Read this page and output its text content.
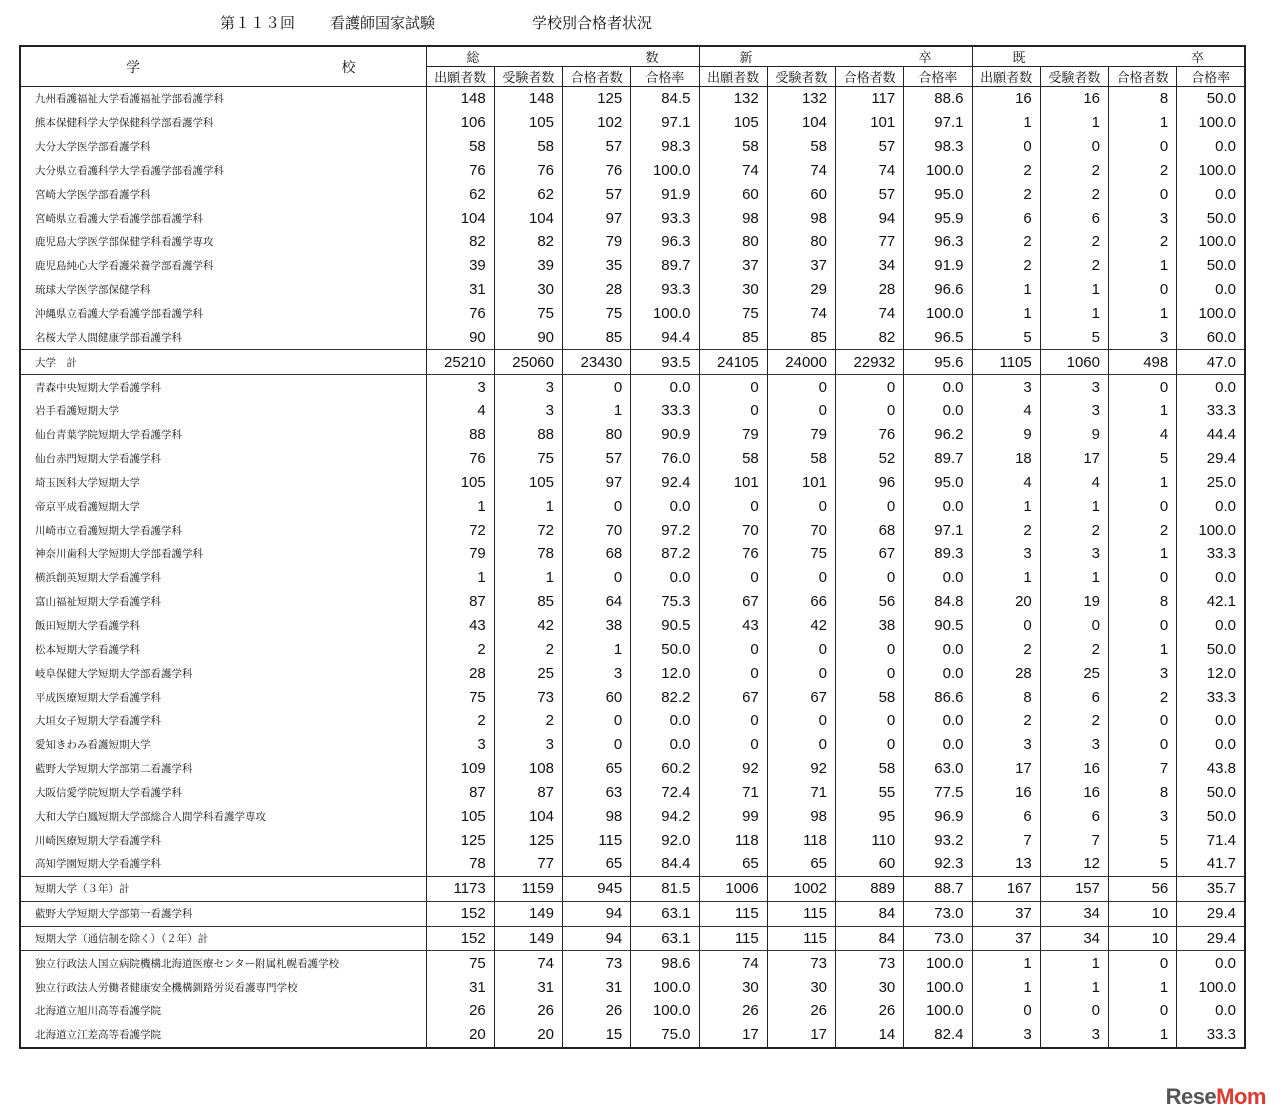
第１１３回 看護師国家試験	学校別合格者状況
学 校	総 数				新 卒				既 卒			

	出願者数	受験者数	合格者数	合格率	出願者数	受験者数	合格者数	合格率	出願者数	受験者数	合格者数	合格率
九州看護福祉大学看護福祉学部看護学科	148	148	125	84.5	132	132	117	88.6	16	16	8	50.0
熊本保健科学大学保健科学部看護学科	106	105	102	97.1	105	104	101	97.1	1	1	1	100.0
大分大学医学部看護学科	58	58	57	98.3	58	58	57	98.3	0	0	0	0.0
大分県立看護科学大学看護学部看護学科	76	76	76	100.0	74	74	74	100.0	2	2	2	100.0
宮崎大学医学部看護学科	62	62	57	91.9	60	60	57	95.0	2	2	0	0.0
宮崎県立看護大学看護学部看護学科	104	104	97	93.3	98	98	94	95.9	6	6	3	50.0
鹿児島大学医学部保健学科看護学専攻	82	82	79	96.3	80	80	77	96.3	2	2	2	100.0
鹿児島純心大学看護栄養学部看護学科	39	39	35	89.7	37	37	34	91.9	2	2	1	50.0
琉球大学医学部保健学科	31	30	28	93.3	30	29	28	96.6	1	1	0	0.0
沖縄県立看護大学看護学部看護学科	76	75	75	100.0	75	74	74	100.0	1	1	1	100.0
名桜大学人間健康学部看護学科	90	90	85	94.4	85	85	82	96.5	5	5	3	60.0
大学　計	25210	25060	23430	93.5	24105	24000	22932	95.6	1105	1060	498	47.0
青森中央短期大学看護学科	3	3	0	0.0	0	0	0	0.0	3	3	0	0.0
岩手看護短期大学	4	3	1	33.3	0	0	0	0.0	4	3	1	33.3
仙台青葉学院短期大学看護学科	88	88	80	90.9	79	79	76	96.2	9	9	4	44.4
仙台赤門短期大学看護学科	76	75	57	76.0	58	58	52	89.7	18	17	5	29.4
埼玉医科大学短期大学	105	105	97	92.4	101	101	96	95.0	4	4	1	25.0
帝京平成看護短期大学	1	1	0	0.0	0	0	0	0.0	1	1	0	0.0
川崎市立看護短期大学看護学科	72	72	70	97.2	70	70	68	97.1	2	2	2	100.0
神奈川歯科大学短期大学部看護学科	79	78	68	87.2	76	75	67	89.3	3	3	1	33.3
横浜創英短期大学看護学科	1	1	0	0.0	0	0	0	0.0	1	1	0	0.0
富山福祉短期大学看護学科	87	85	64	75.3	67	66	56	84.8	20	19	8	42.1
飯田短期大学看護学科	43	42	38	90.5	43	42	38	90.5	0	0	0	0.0
松本短期大学看護学科	2	2	1	50.0	0	0	0	0.0	2	2	1	50.0
岐阜保健大学短期大学部看護学科	28	25	3	12.0	0	0	0	0.0	28	25	3	12.0
平成医療短期大学看護学科	75	73	60	82.2	67	67	58	86.6	8	6	2	33.3
大垣女子短期大学看護学科	2	2	0	0.0	0	0	0	0.0	2	2	0	0.0
愛知きわみ看護短期大学	3	3	0	0.0	0	0	0	0.0	3	3	0	0.0
藍野大学短期大学部第二看護学科	109	108	65	60.2	92	92	58	63.0	17	16	7	43.8
大阪信愛学院短期大学看護学科	87	87	63	72.4	71	71	55	77.5	16	16	8	50.0
大和大学白鳳短期大学部総合人間学科看護学専攻	105	104	98	94.2	99	98	95	96.9	6	6	3	50.0
川崎医療短期大学看護学科	125	125	115	92.0	118	118	110	93.2	7	7	5	71.4
高知学園短期大学看護学科	78	77	65	84.4	65	65	60	92.3	13	12	5	41.7
短期大学（３年）計	1173	1159	945	81.5	1006	1002	889	88.7	167	157	56	35.7
藍野大学短期大学部第一看護学科	152	149	94	63.1	115	115	84	73.0	37	34	10	29.4
短期大学（通信制を除く）（２年）計	152	149	94	63.1	115	115	84	73.0	37	34	10	29.4
独立行政法人国立病院機構北海道医療センター附属札幌看護学校	75	74	73	98.6	74	73	73	100.0	1	1	0	0.0
独立行政法人労働者健康安全機構釧路労災看護専門学校	31	31	31	100.0	30	30	30	100.0	1	1	1	100.0
北海道立旭川高等看護学院	26	26	26	100.0	26	26	26	100.0	0	0	0	0.0
北海道立江差高等看護学院	20	20	15	75.0	17	17	14	82.4	3	3	1	33.3
ReseMom
